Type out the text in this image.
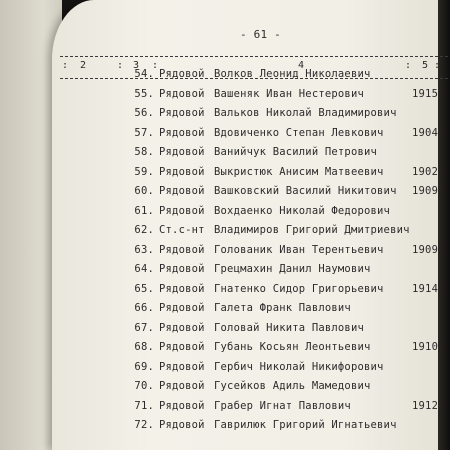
- 61 -
: 2	: 3 :	4	: 5 :
54. Рядовой Волков Леонид Николаевич
55. Рядовой Вашеняк Иван Нестерович	1915
56. Рядовой Вальков Николай Владимирович
57. Рядовой Вдовиченко Степан Левкович	1904
58. Рядовой Ванийчук Василий Петрович
59. Рядовой Выкристюк Анисим Матвеевич	1902
60. Рядовой Вашковский Василий Никитович 1909
61. Рядовой Вохдаенко Николай Федорович
62. Ст.с-нт Владимиров Григорий Дмитриевич
63. Рядовой Голованик Иван Терентьевич	1909
64. Рядовой Грецмахин Данил Наумович
65. Рядовой Гнатенко Сидор Григорьевич	1914
66. Рядовой Галета Франк Павлович
67. Рядовой Головай Никита Павлович
68. Рядовой Губань Косьян Леонтьевич	1910
69. Рядовой Гербич Николай Никифорович
70. Рядовой Гусейков Адиль Мамедович
71. Рядовой Грабер Игнат Павлович	1912
72. Рядовой Гаврилюк Григорий Игнатьевич
